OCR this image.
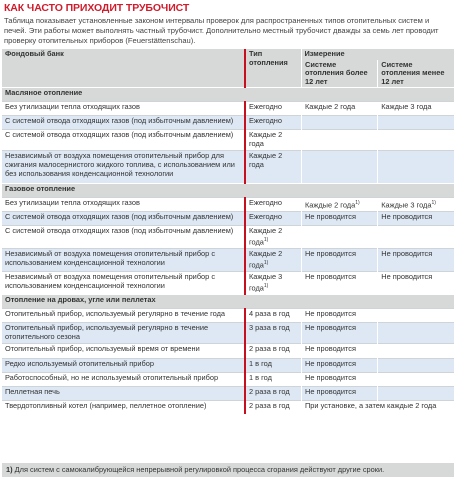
КАК ЧАСТО ПРИХОДИТ ТРУБОЧИСТ
Таблица показывает установленные законом интервалы проверок для распространенных типов отопительных систем и печей. Эти работы может выполнять частный трубочист. Дополнительно местный трубочист дважды за семь лет проводит проверку отопительных приборов (Feuerstättenschau).
Фондовый банк	Тип отопления	Измерение	
		Системе отопления более 12 лет	Системе отопления менее 12 лет
Масляное отопление			
Без утилизации тепла отходящих газов	Ежегодно	Каждые 2 года	Каждые 3 года
С системой отвода отходящих газов (под избыточным давлением)	Ежегодно		
С системой отвода отходящих газов (под избыточным давлением)	Каждые 2 года		
Независимый от воздуха помещения отопительный прибор для сжигания малосернистого жидкого топлива, с использованием или без использования конденсационной технологии	Каждые 2 года		
Газовое отопление			
Без утилизации тепла отходящих газов	Ежегодно	Каждые 2 года$^{1)}$	Каждые 3 года$^{1)}$
С системой отвода отходящих газов (под избыточным давлением)	Ежегодно	Не проводится	Не проводится
С системой отвода отходящих газов (под избыточным давлением)	Каждые 2 года$^{1)}$		
Независимый от воздуха помещения отопительный прибор с использованием конденсационной технологии	Каждые 2 года$^{1)}$	Не проводится	Не проводится
Независимый от воздуха помещения отопительный прибор с использованием конденсационной технологии	Каждые 3 года$^{1)}$	Не проводится	Не проводится
Отопление на дровах, угле или пеллетах			
Отопительный прибор, используемый регулярно в течение года	4 раза в год	Не проводится	
Отопительный прибор, используемый регулярно в течение отопительного сезона	3 раза в год	Не проводится	
Отопительный прибор, используемый время от времени	2 раза в год	Не проводится	
Редко используемый отопительный прибор	1 в год	Не проводится	
Работоспособный, но не используемый отопительный прибор	1 в год	Не проводится	
Пеллетная печь	2 раза в год	Не проводится	
Твердотопливный котел (например, пеллетное отопление)	2 раза в год	При установке, а затем каждые 2 года	
1) Для систем с самокалибрующейся непрерывной регулировкой процесса сгорания действуют другие сроки.
